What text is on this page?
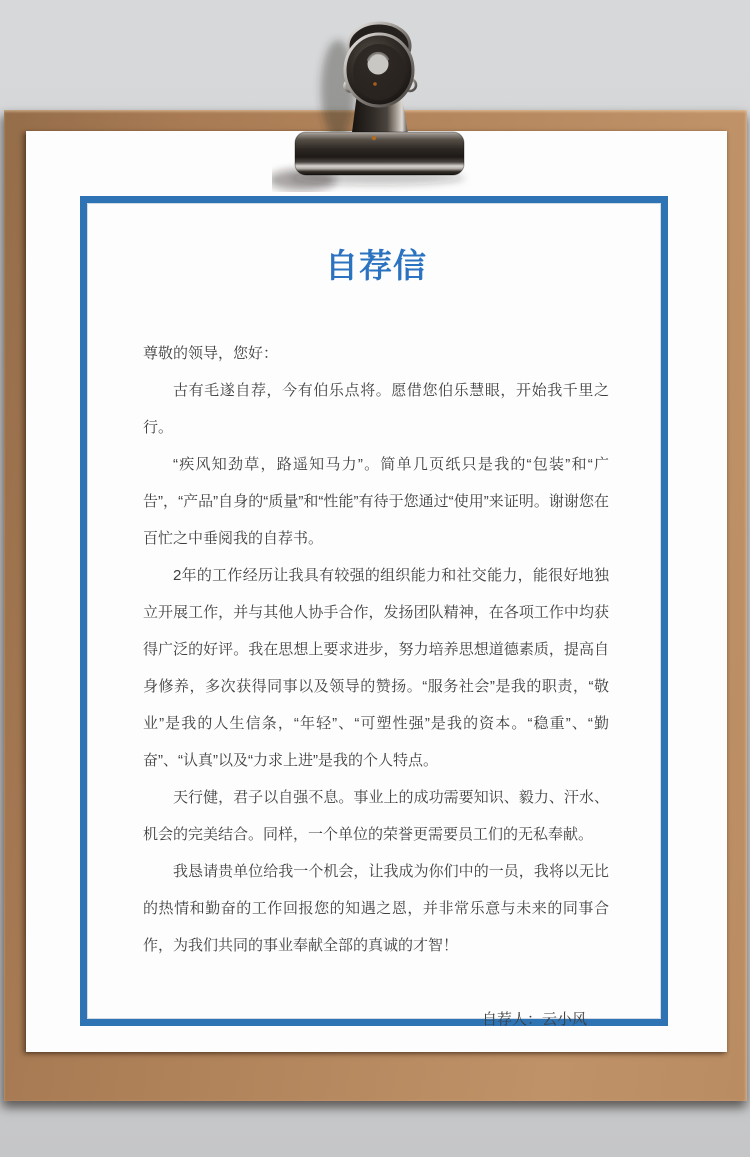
自荐信

尊敬的领导，您好：

古有毛遂自荐，今有伯乐点将。愿借您伯乐慧眼，开始我千里之行。

“疾风知劲草，路遥知马力”。简单几页纸只是我的“包装”和“广告”，“产品”自身的“质量”和“性能”有待于您通过“使用”来证明。谢谢您在百忙之中垂阅我的自荐书。

2年的工作经历让我具有较强的组织能力和社交能力，能很好地独立开展工作，并与其他人协手合作，发扬团队精神，在各项工作中均获得广泛的好评。我在思想上要求进步，努力培养思想道德素质，提高自身修养，多次获得同事以及领导的赞扬。“服务社会”是我的职责，“敬业”是我的人生信条，“年轻”、“可塑性强”是我的资本。“稳重”、“勤奋”、“认真”以及“力求上进”是我的个人特点。

天行健，君子以自强不息。事业上的成功需要知识、毅力、汗水、机会的完美结合。同样，一个单位的荣誉更需要员工们的无私奉献。

我恳请贵单位给我一个机会，让我成为你们中的一员，我将以无比的热情和勤奋的工作回报您的知遇之恩，并非常乐意与未来的同事合作，为我们共同的事业奉献全部的真诚的才智！

自荐人：云小风
